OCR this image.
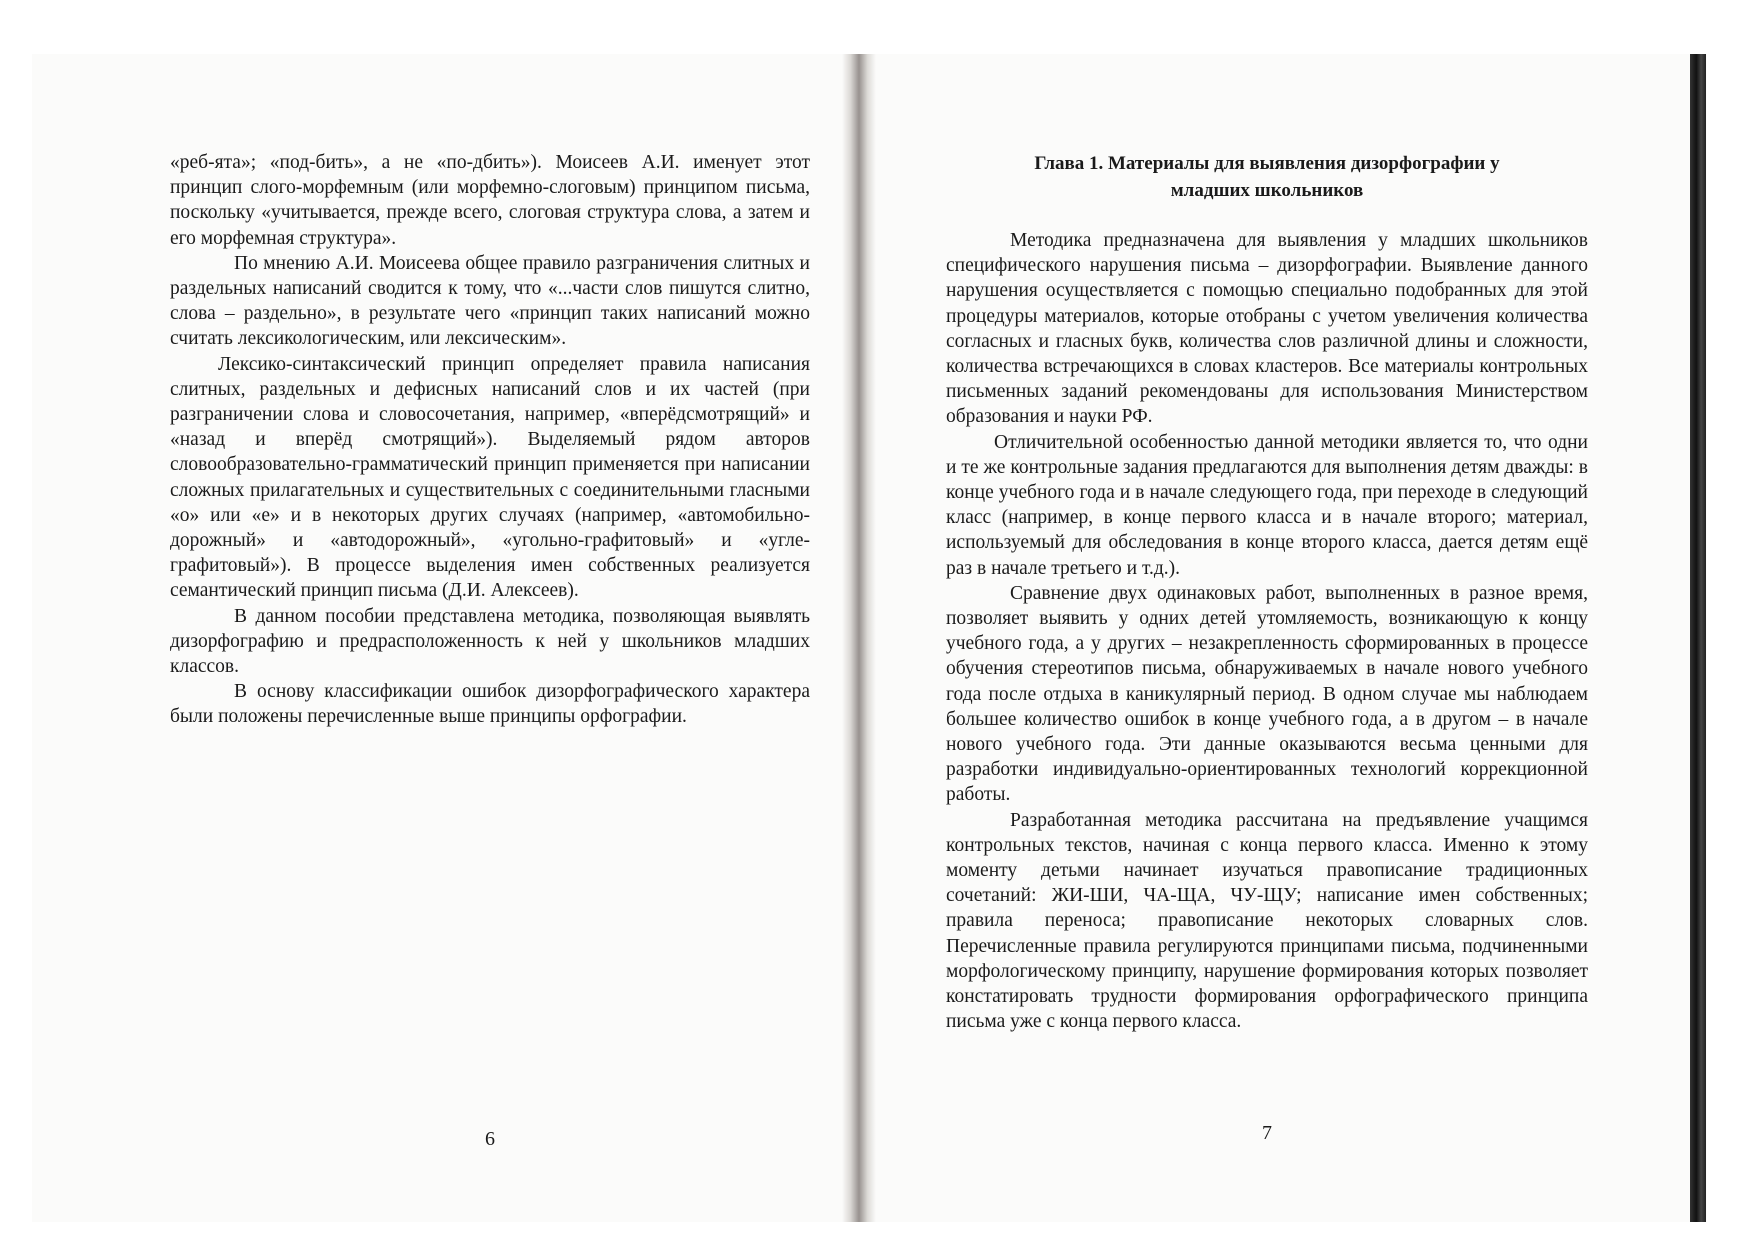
«реб-ята»; «под-бить», а не «по-дбить»). Моисеев А.И. именует этот принцип слого-морфемным (или морфемно-слоговым) принципом письма, поскольку «учитывается, прежде всего, слоговая структура слова, а затем и его морфемная структура».

По мнению А.И. Моисеева общее правило разграничения слитных и раздельных написаний сводится к тому, что «...части слов пишутся слитно, слова – раздельно», в результате чего «принцип таких написаний можно считать лексикологическим, или лексическим».

Лексико-синтаксический принцип определяет правила написания слитных, раздельных и дефисных написаний слов и их частей (при разграничении слова и словосочетания, например, «вперёдсмотрящий» и «назад и вперёд смотрящий»). Выделяемый рядом авторов словообразовательно-грамматический принцип применяется при написании сложных прилагательных и существительных с соединительными гласными «о» или «е» и в некоторых других случаях (например, «автомобильно-дорожный» и «автодорожный», «угольно-графитовый» и «угле-графитовый»). В процессе выделения имен собственных реализуется семантический принцип письма (Д.И. Алексеев).

В данном пособии представлена методика, позволяющая выявлять дизорфографию и предрасположенность к ней у школьников младших классов.

В основу классификации ошибок дизорфографического характера были положены перечисленные выше принципы орфографии.

6
Глава 1. Материалы для выявления дизорфографии у
младших школьников

Методика предназначена для выявления у младших школьников специфического нарушения письма – дизорфографии. Выявление данного нарушения осуществляется с помощью специально подобранных для этой процедуры материалов, которые отобраны с учетом увеличения количества согласных и гласных букв, количества слов различной длины и сложности, количества встречающихся в словах кластеров. Все материалы контрольных письменных заданий рекомендованы для использования Министерством образования и науки РФ.

Отличительной особенностью данной методики является то, что одни и те же контрольные задания предлагаются для выполнения детям дважды: в конце учебного года и в начале следующего года, при переходе в следующий класс (например, в конце первого класса и в начале второго; материал, используемый для обследования в конце второго класса, дается детям ещё раз в начале третьего и т.д.).

Сравнение двух одинаковых работ, выполненных в разное время, позволяет выявить у одних детей утомляемость, возникающую к концу учебного года, а у других – незакрепленность сформированных в процессе обучения стереотипов письма, обнаруживаемых в начале нового учебного года после отдыха в каникулярный период. В одном случае мы наблюдаем большее количество ошибок в конце учебного года, а в другом – в начале нового учебного года. Эти данные оказываются весьма ценными для разработки индивидуально-ориентированных технологий коррекционной работы.

Разработанная методика рассчитана на предъявление учащимся контрольных текстов, начиная с конца первого класса. Именно к этому моменту детьми начинает изучаться правописание традиционных сочетаний: ЖИ-ШИ, ЧА-ЩА, ЧУ-ЩУ; написание имен собственных; правила переноса; правописание некоторых словарных слов. Перечисленные правила регулируются принципами письма, подчиненными морфологическому принципу, нарушение формирования которых позволяет констатировать трудности формирования орфографического принципа письма уже с конца первого класса.

7
